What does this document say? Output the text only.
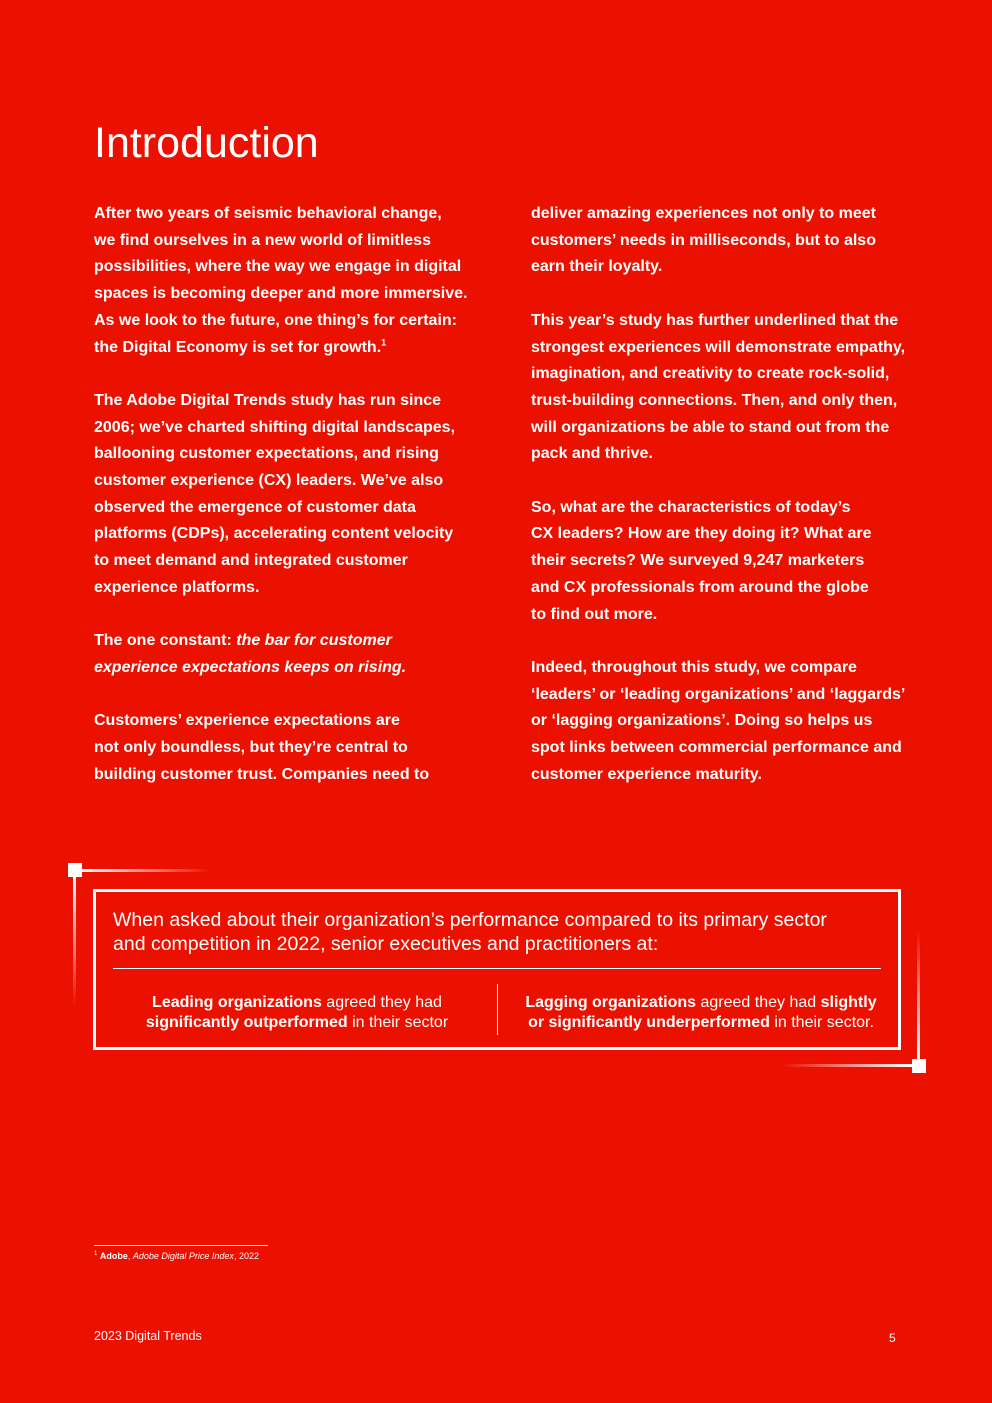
Introduction

After two years of seismic behavioral change,
we find ourselves in a new world of limitless
possibilities, where the way we engage in digital
spaces is becoming deeper and more immersive.
As we look to the future, one thing’s for certain:
the Digital Economy is set for growth.$^1$

The Adobe Digital Trends study has run since
2006; we’ve charted shifting digital landscapes,
ballooning customer expectations, and rising
customer experience (CX) leaders. We’ve also
observed the emergence of customer data
platforms (CDPs), accelerating content velocity
to meet demand and integrated customer
experience platforms.

The one constant: the bar for customer
experience expectations keeps on rising.

Customers’ experience expectations are
not only boundless, but they’re central to
building customer trust. Companies need to

deliver amazing experiences not only to meet
customers’ needs in milliseconds, but to also
earn their loyalty.

This year’s study has further underlined that the
strongest experiences will demonstrate empathy,
imagination, and creativity to create rock-solid,
trust-building connections. Then, and only then,
will organizations be able to stand out from the
pack and thrive.

So, what are the characteristics of today’s
CX leaders? How are they doing it? What are
their secrets? We surveyed 9,247 marketers
and CX professionals from around the globe
to find out more.

Indeed, throughout this study, we compare
‘leaders’ or ‘leading organizations’ and ‘laggards’
or ‘lagging organizations’. Doing so helps us
spot links between commercial performance and
customer experience maturity.

When asked about their organization’s performance compared to its primary sector
and competition in 2022, senior executives and practitioners at:
Leading organizations agreed they had
significantly outperformed in their sector
Lagging organizations agreed they had slightly
or significantly underperformed in their sector.
$^1$ Adobe, Adobe Digital Price Index, 2022
2023 Digital Trends	5
